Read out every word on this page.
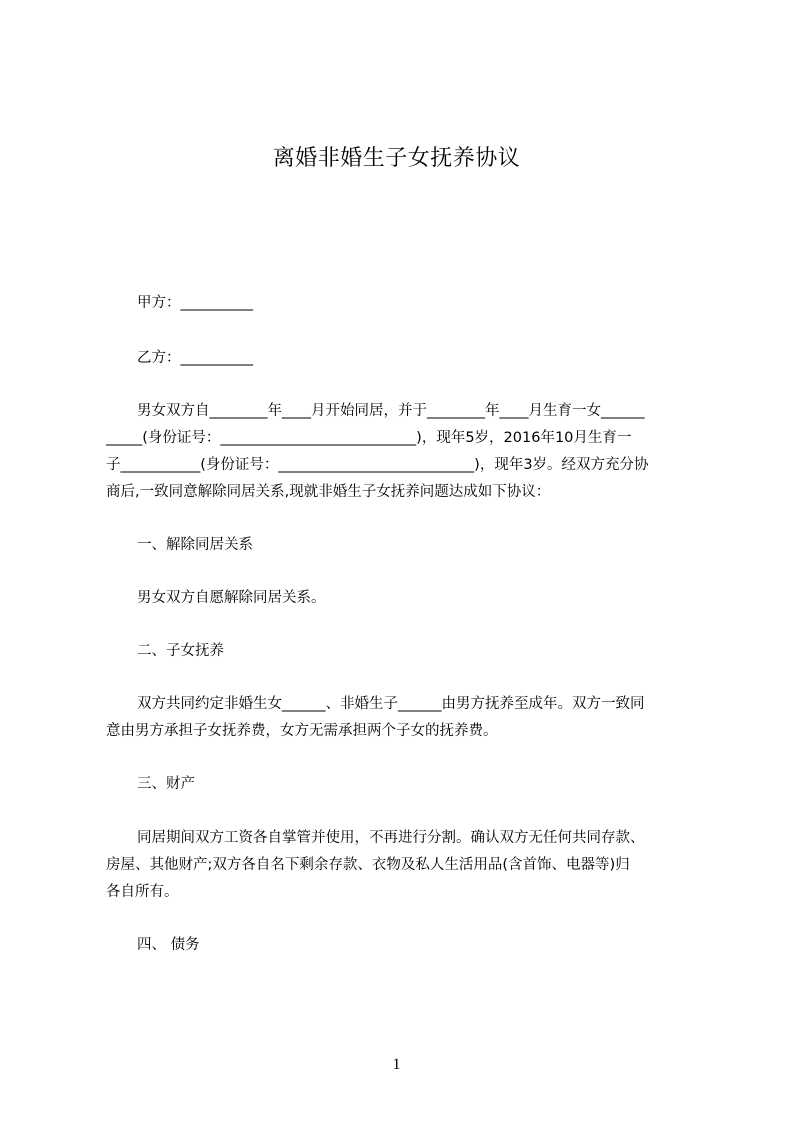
离婚非婚生子女抚养协议
甲方：__________
乙方：__________
男女双方自________年____月开始同居，并于________年____月生育一女______
_____(身份证号：___________________________)，现年5岁，2016年10月生育一
子___________(身份证号：___________________________)，现年3岁。经双方充分协
商后,一致同意解除同居关系,现就非婚生子女抚养问题达成如下协议：
一、解除同居关系
男女双方自愿解除同居关系。
二、子女抚养
双方共同约定非婚生女______、非婚生子______由男方抚养至成年。双方一致同
意由男方承担子女抚养费，女方无需承担两个子女的抚养费。
三、财产
同居期间双方工资各自掌管并使用，不再进行分割。确认双方无任何共同存款、
房屋、其他财产;双方各自名下剩余存款、衣物及私人生活用品(含首饰、电器等)归
各自所有。
四、 债务
1
